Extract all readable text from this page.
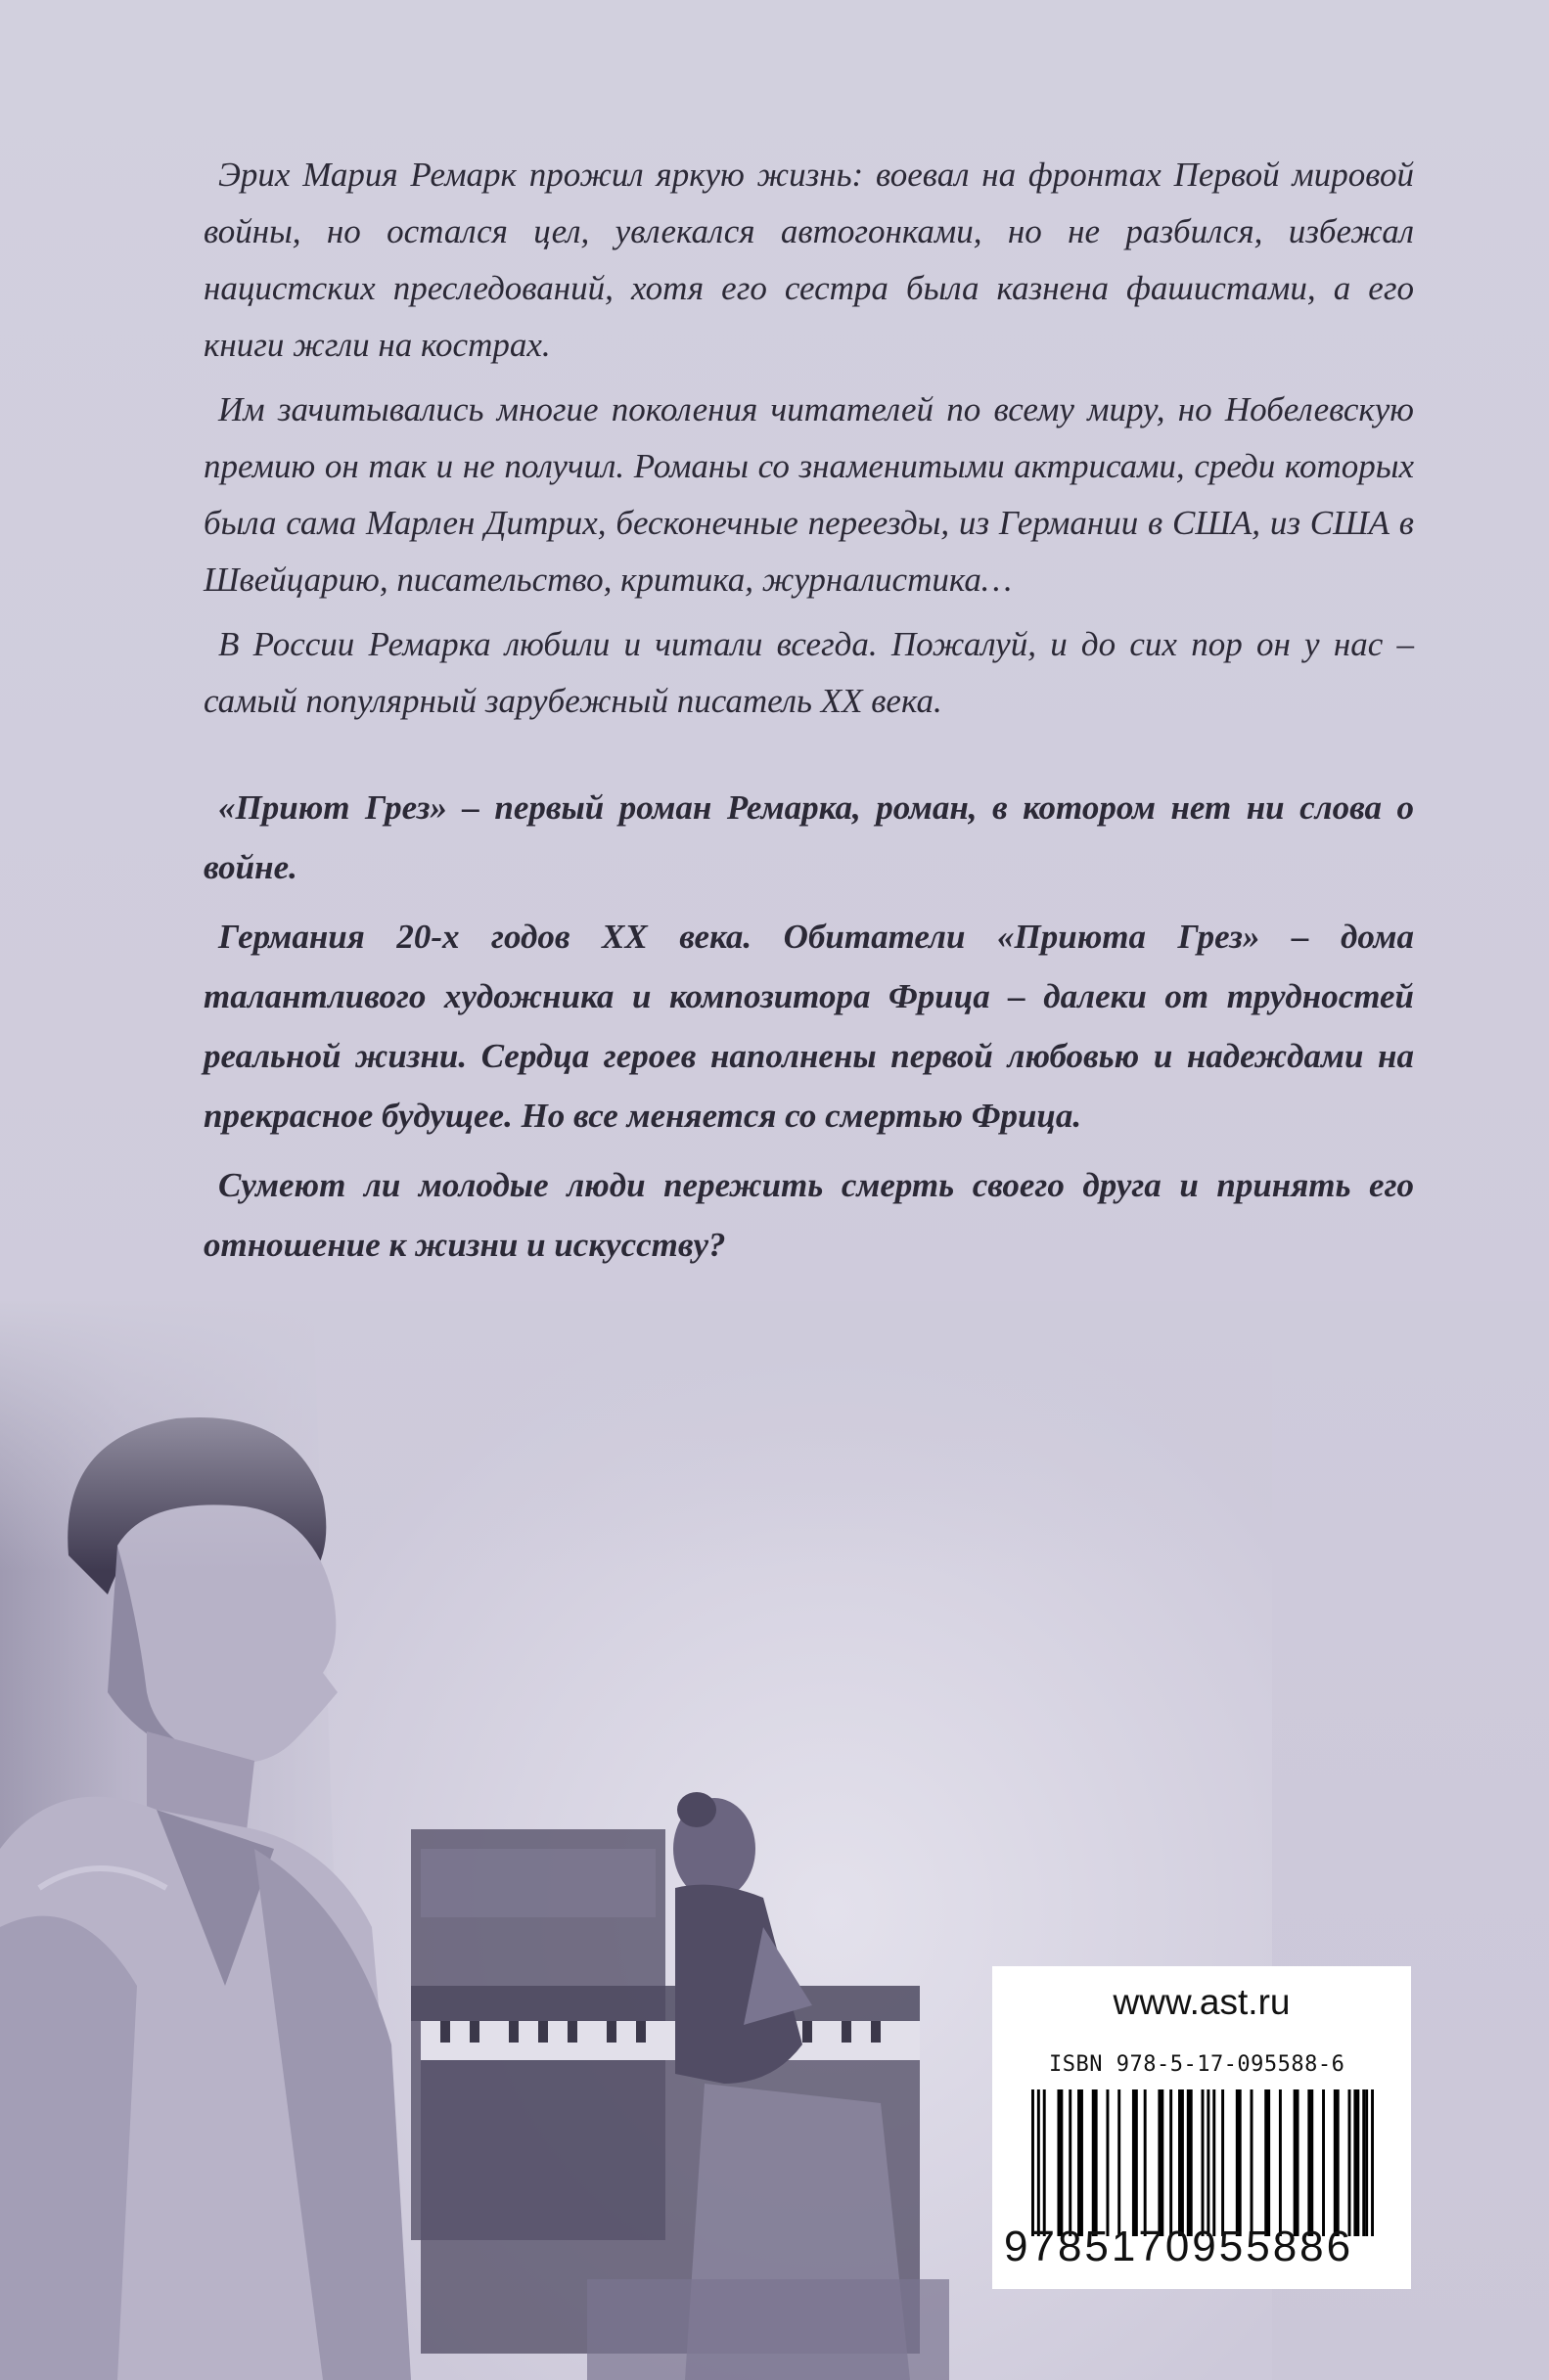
Эрих Мария Ремарк прожил яркую жизнь: воевал на фронтах Первой мировой войны, но остался цел, увлекался автогонками, но не разбился, избежал нацистских преследований, хотя его сестра была казнена фашистами, а его книги жгли на кострах.

Им зачитывались многие поколения читателей по всему миру, но Нобелевскую премию он так и не получил. Романы со знаменитыми актрисами, среди которых была сама Марлен Дитрих, бесконечные переезды, из Германии в США, из США в Швейцарию, писательство, критика, журналистика…

В России Ремарка любили и читали всегда. Пожалуй, и до сих пор он у нас – самый популярный зарубежный писатель XX века.

«Приют Грез» – первый роман Ремарка, роман, в котором нет ни слова о войне.

Германия 20-х годов XX века. Обитатели «Приюта Грез» – дома талантливого художника и композитора Фрица – далеки от трудностей реальной жизни. Сердца героев наполнены первой любовью и надеждами на прекрасное будущее. Но все меняется со смертью Фрица.

Сумеют ли молодые люди пережить смерть своего друга и принять его отношение к жизни и искусству?

www.ast.ru
ISBN 978-5-17-095588-6
9785170955886
